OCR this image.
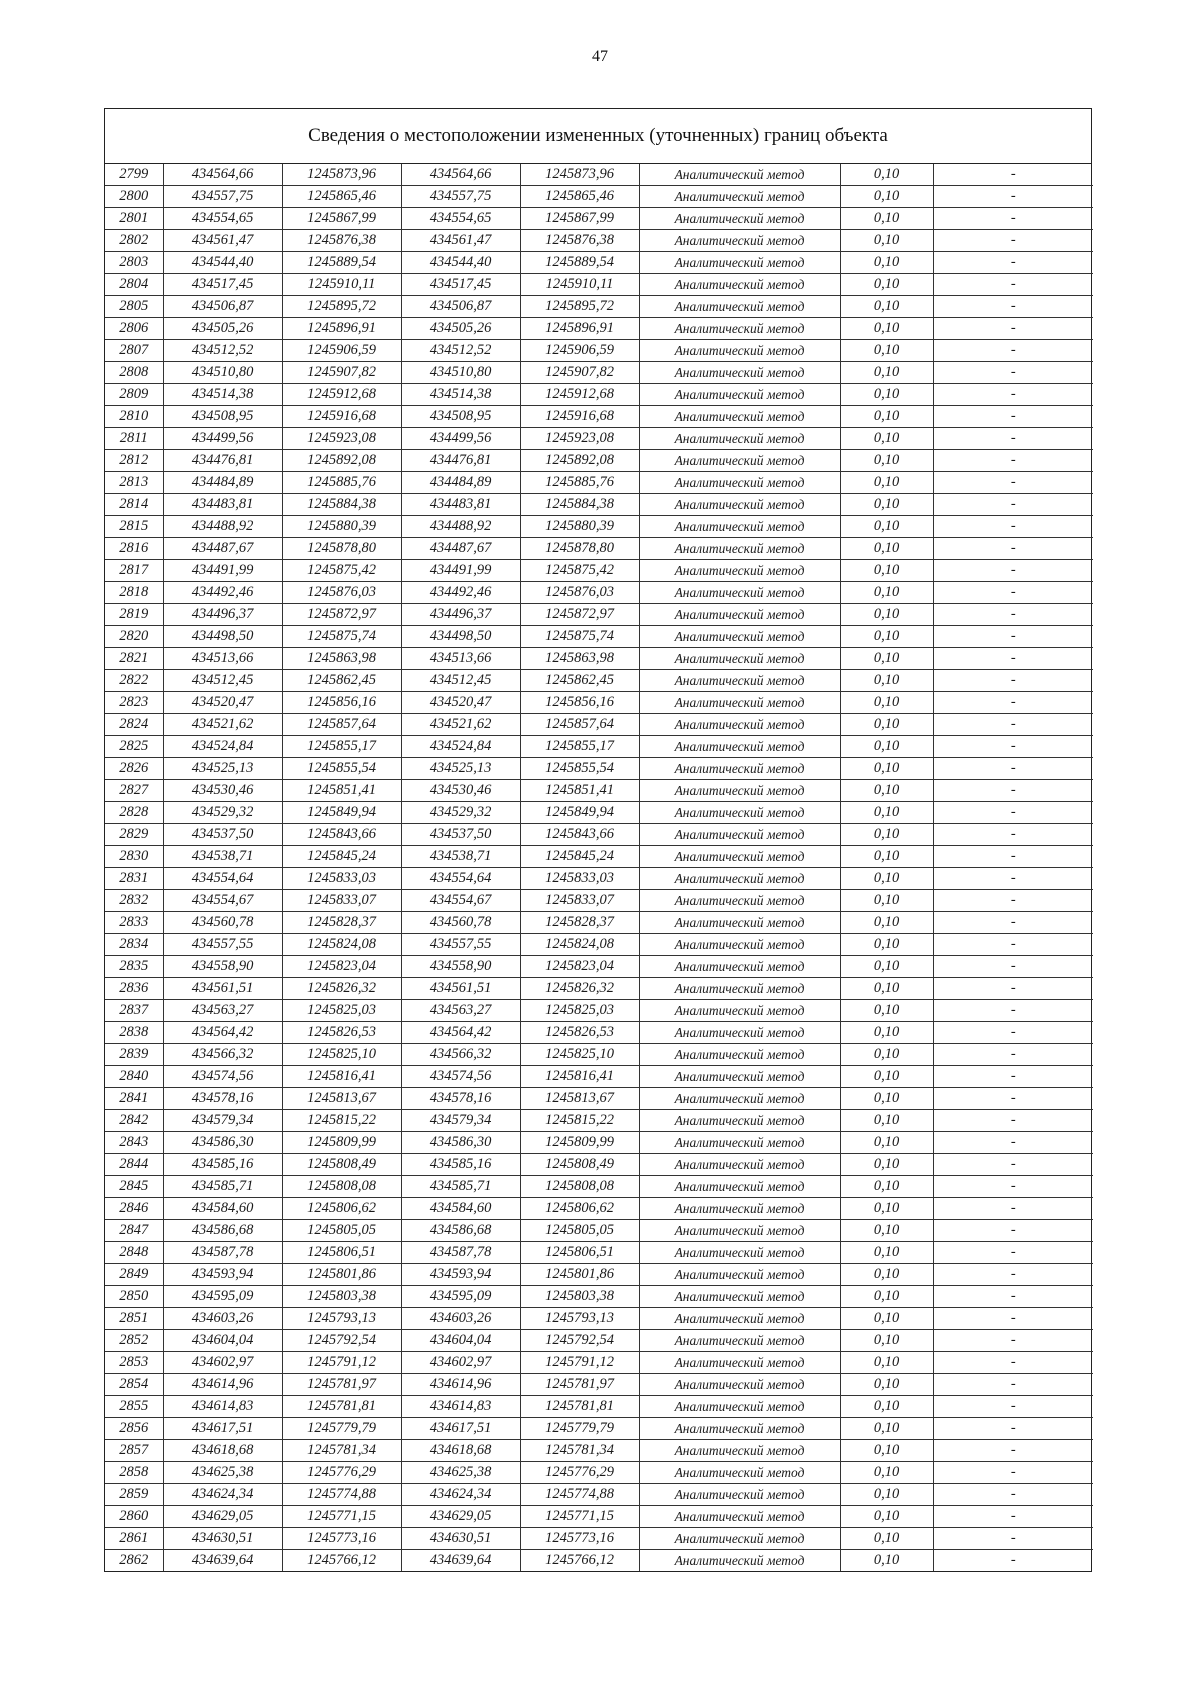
47
Сведения о местоположении измененных (уточненных) границ объекта
2799	434564,66	1245873,96	434564,66	1245873,96	Аналитический метод	0,10	-
2800	434557,75	1245865,46	434557,75	1245865,46	Аналитический метод	0,10	-
2801	434554,65	1245867,99	434554,65	1245867,99	Аналитический метод	0,10	-
2802	434561,47	1245876,38	434561,47	1245876,38	Аналитический метод	0,10	-
2803	434544,40	1245889,54	434544,40	1245889,54	Аналитический метод	0,10	-
2804	434517,45	1245910,11	434517,45	1245910,11	Аналитический метод	0,10	-
2805	434506,87	1245895,72	434506,87	1245895,72	Аналитический метод	0,10	-
2806	434505,26	1245896,91	434505,26	1245896,91	Аналитический метод	0,10	-
2807	434512,52	1245906,59	434512,52	1245906,59	Аналитический метод	0,10	-
2808	434510,80	1245907,82	434510,80	1245907,82	Аналитический метод	0,10	-
2809	434514,38	1245912,68	434514,38	1245912,68	Аналитический метод	0,10	-
2810	434508,95	1245916,68	434508,95	1245916,68	Аналитический метод	0,10	-
2811	434499,56	1245923,08	434499,56	1245923,08	Аналитический метод	0,10	-
2812	434476,81	1245892,08	434476,81	1245892,08	Аналитический метод	0,10	-
2813	434484,89	1245885,76	434484,89	1245885,76	Аналитический метод	0,10	-
2814	434483,81	1245884,38	434483,81	1245884,38	Аналитический метод	0,10	-
2815	434488,92	1245880,39	434488,92	1245880,39	Аналитический метод	0,10	-
2816	434487,67	1245878,80	434487,67	1245878,80	Аналитический метод	0,10	-
2817	434491,99	1245875,42	434491,99	1245875,42	Аналитический метод	0,10	-
2818	434492,46	1245876,03	434492,46	1245876,03	Аналитический метод	0,10	-
2819	434496,37	1245872,97	434496,37	1245872,97	Аналитический метод	0,10	-
2820	434498,50	1245875,74	434498,50	1245875,74	Аналитический метод	0,10	-
2821	434513,66	1245863,98	434513,66	1245863,98	Аналитический метод	0,10	-
2822	434512,45	1245862,45	434512,45	1245862,45	Аналитический метод	0,10	-
2823	434520,47	1245856,16	434520,47	1245856,16	Аналитический метод	0,10	-
2824	434521,62	1245857,64	434521,62	1245857,64	Аналитический метод	0,10	-
2825	434524,84	1245855,17	434524,84	1245855,17	Аналитический метод	0,10	-
2826	434525,13	1245855,54	434525,13	1245855,54	Аналитический метод	0,10	-
2827	434530,46	1245851,41	434530,46	1245851,41	Аналитический метод	0,10	-
2828	434529,32	1245849,94	434529,32	1245849,94	Аналитический метод	0,10	-
2829	434537,50	1245843,66	434537,50	1245843,66	Аналитический метод	0,10	-
2830	434538,71	1245845,24	434538,71	1245845,24	Аналитический метод	0,10	-
2831	434554,64	1245833,03	434554,64	1245833,03	Аналитический метод	0,10	-
2832	434554,67	1245833,07	434554,67	1245833,07	Аналитический метод	0,10	-
2833	434560,78	1245828,37	434560,78	1245828,37	Аналитический метод	0,10	-
2834	434557,55	1245824,08	434557,55	1245824,08	Аналитический метод	0,10	-
2835	434558,90	1245823,04	434558,90	1245823,04	Аналитический метод	0,10	-
2836	434561,51	1245826,32	434561,51	1245826,32	Аналитический метод	0,10	-
2837	434563,27	1245825,03	434563,27	1245825,03	Аналитический метод	0,10	-
2838	434564,42	1245826,53	434564,42	1245826,53	Аналитический метод	0,10	-
2839	434566,32	1245825,10	434566,32	1245825,10	Аналитический метод	0,10	-
2840	434574,56	1245816,41	434574,56	1245816,41	Аналитический метод	0,10	-
2841	434578,16	1245813,67	434578,16	1245813,67	Аналитический метод	0,10	-
2842	434579,34	1245815,22	434579,34	1245815,22	Аналитический метод	0,10	-
2843	434586,30	1245809,99	434586,30	1245809,99	Аналитический метод	0,10	-
2844	434585,16	1245808,49	434585,16	1245808,49	Аналитический метод	0,10	-
2845	434585,71	1245808,08	434585,71	1245808,08	Аналитический метод	0,10	-
2846	434584,60	1245806,62	434584,60	1245806,62	Аналитический метод	0,10	-
2847	434586,68	1245805,05	434586,68	1245805,05	Аналитический метод	0,10	-
2848	434587,78	1245806,51	434587,78	1245806,51	Аналитический метод	0,10	-
2849	434593,94	1245801,86	434593,94	1245801,86	Аналитический метод	0,10	-
2850	434595,09	1245803,38	434595,09	1245803,38	Аналитический метод	0,10	-
2851	434603,26	1245793,13	434603,26	1245793,13	Аналитический метод	0,10	-
2852	434604,04	1245792,54	434604,04	1245792,54	Аналитический метод	0,10	-
2853	434602,97	1245791,12	434602,97	1245791,12	Аналитический метод	0,10	-
2854	434614,96	1245781,97	434614,96	1245781,97	Аналитический метод	0,10	-
2855	434614,83	1245781,81	434614,83	1245781,81	Аналитический метод	0,10	-
2856	434617,51	1245779,79	434617,51	1245779,79	Аналитический метод	0,10	-
2857	434618,68	1245781,34	434618,68	1245781,34	Аналитический метод	0,10	-
2858	434625,38	1245776,29	434625,38	1245776,29	Аналитический метод	0,10	-
2859	434624,34	1245774,88	434624,34	1245774,88	Аналитический метод	0,10	-
2860	434629,05	1245771,15	434629,05	1245771,15	Аналитический метод	0,10	-
2861	434630,51	1245773,16	434630,51	1245773,16	Аналитический метод	0,10	-
2862	434639,64	1245766,12	434639,64	1245766,12	Аналитический метод	0,10	-
